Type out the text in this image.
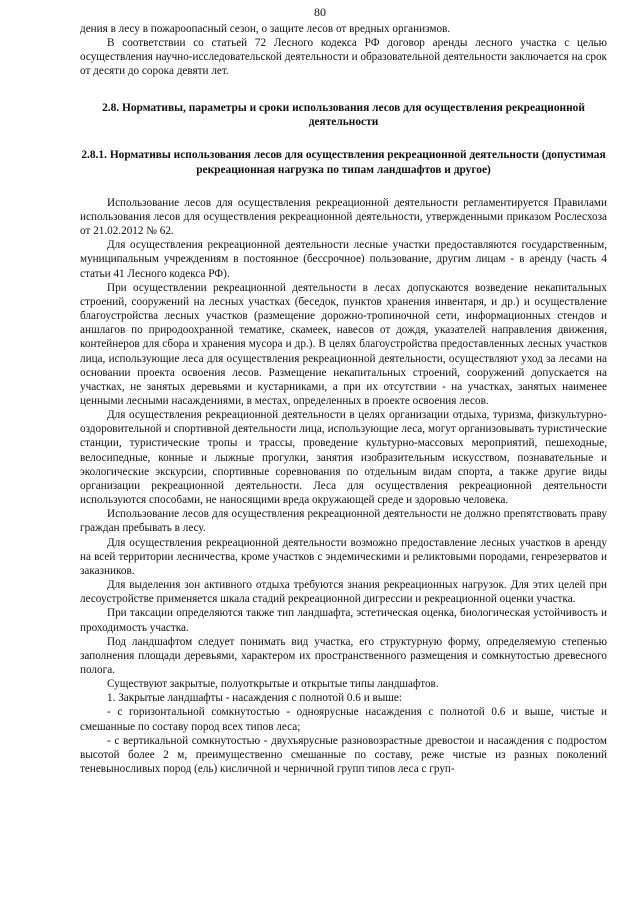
80

дения в лесу в пожароопасный сезон, о защите лесов от вредных организмов.

В соответствии со статьей 72 Лесного кодекса РФ договор аренды лесного участка с целью осуществления научно-исследовательской деятельности и образовательной деятельности заключается на срок от десяти до сорока девяти лет.

2.8. Нормативы, параметры и сроки использования лесов для осуществления рекреационной деятельности

2.8.1. Нормативы использования лесов для осуществления рекреационной деятельности (допустимая рекреационная нагрузка по типам ландшафтов и другое)

Использование лесов для осуществления рекреационной деятельности регламентируется Правилами использования лесов для осуществления рекреационной деятельности, утвержденными приказом Рослесхоза от 21.02.2012 № 62.

Для осуществления рекреационной деятельности лесные участки предоставляются государственным, муниципальным учреждениям в постоянное (бессрочное) пользование, другим лицам - в аренду (часть 4 статьи 41 Лесного кодекса РФ).

При осуществлении рекреационной деятельности в лесах допускаются возведение некапитальных строений, сооружений на лесных участках (беседок, пунктов хранения инвентаря, и др.) и осуществление благоустройства лесных участков (размещение дорожно-тропиночной сети, информационных стендов и аншлагов по природоохранной тематике, скамеек, навесов от дождя, указателей направления движения, контейнеров для сбора и хранения мусора и др.). В целях благоустройства предоставленных лесных участков лица, использующие леса для осуществления рекреационной деятельности, осуществляют уход за лесами на основании проекта освоения лесов. Размещение некапитальных строений, сооружений допускается на участках, не занятых деревьями и кустарниками, а при их отсутствии - на участках, занятых наименее ценными лесными насаждениями, в местах, определенных в проекте освоения лесов.

Для осуществления рекреационной деятельности в целях организации отдыха, туризма, физкультурно-оздоровительной и спортивной деятельности лица, использующие леса, могут организовывать туристические станции, туристические тропы и трассы, проведение культурно-массовых мероприятий, пешеходные, велосипедные, конные и лыжные прогулки, занятия изобразительным искусством, познавательные и экологические экскурсии, спортивные соревнования по отдельным видам спорта, а также другие виды организации рекреационной деятельности. Леса для осуществления рекреационной деятельности используются способами, не наносящими вреда окружающей среде и здоровью человека.

Использование лесов для осуществления рекреационной деятельности не должно препятствовать праву граждан пребывать в лесу.

Для осуществления рекреационной деятельности возможно предоставление лесных участков в аренду на всей территории лесничества, кроме участков с эндемическими и реликтовыми породами, генрезерватов и заказников.

Для выделения зон активного отдыха требуются знания рекреационных нагрузок. Для этих целей при лесоустройстве применяется шкала стадий рекреационной дигрессии и рекреационной оценки участка.

При таксации определяются также тип ландшафта, эстетическая оценка, биологическая устойчивость и проходимость участка.

Под ландшафтом следует понимать вид участка, его структурную форму, определяемую степенью заполнения площади деревьями, характером их пространственного размещения и сомкнутостью древесного полога.

Существуют закрытые, полуоткрытые и открытые типы ландшафтов.

1. Закрытые ландшафты - насаждения с полнотой 0.6 и выше:

- с горизонтальной сомкнутостью - одноярусные насаждения с полнотой 0.6 и выше, чистые и смешанные по составу пород всех типов леса;

- с вертикальной сомкнутостью - двухъярусные разновозрастные древостои и насаждения с подростом высотой более 2 м, преимущественно смешанные по составу, реже чистые из разных поколений теневыносливых пород (ель) кисличной и черничной групп типов леса с груп-
